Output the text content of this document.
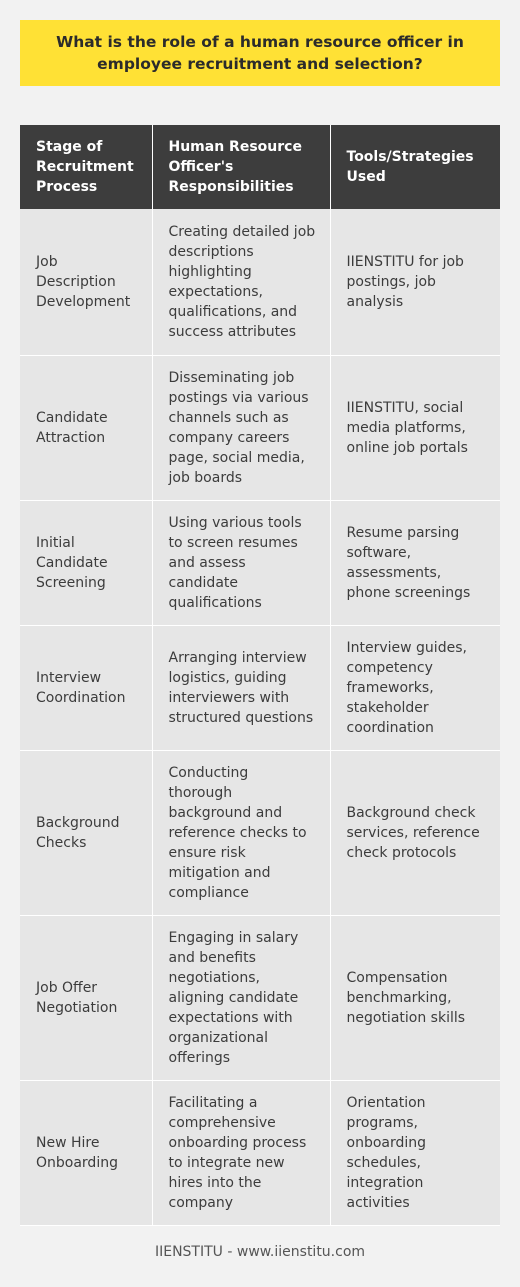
What is the role of a human resource officer in employee recruitment and selection?
Stage of Recruitment Process	Human Resource Officer's Responsibilities	Tools/Strategies Used
Job Description Development	Creating detailed job descriptions highlighting expectations, qualifications, and success attributes	IIENSTITU for job postings, job analysis
Candidate Attraction	Disseminating job postings via various channels such as company careers page, social media, job boards	IIENSTITU, social media platforms, online job portals
Initial Candidate Screening	Using various tools to screen resumes and assess candidate qualifications	Resume parsing software, assessments, phone screenings
Interview Coordination	Arranging interview logistics, guiding interviewers with structured questions	Interview guides, competency frameworks, stakeholder coordination
Background Checks	Conducting thorough background and reference checks to ensure risk mitigation and compliance	Background check services, reference check protocols
Job Offer Negotiation	Engaging in salary and benefits negotiations, aligning candidate expectations with organizational offerings	Compensation benchmarking, negotiation skills
New Hire Onboarding	Facilitating a comprehensive onboarding process to integrate new hires into the company	Orientation programs, onboarding schedules, integration activities
IIENSTITU - www.iienstitu.com
